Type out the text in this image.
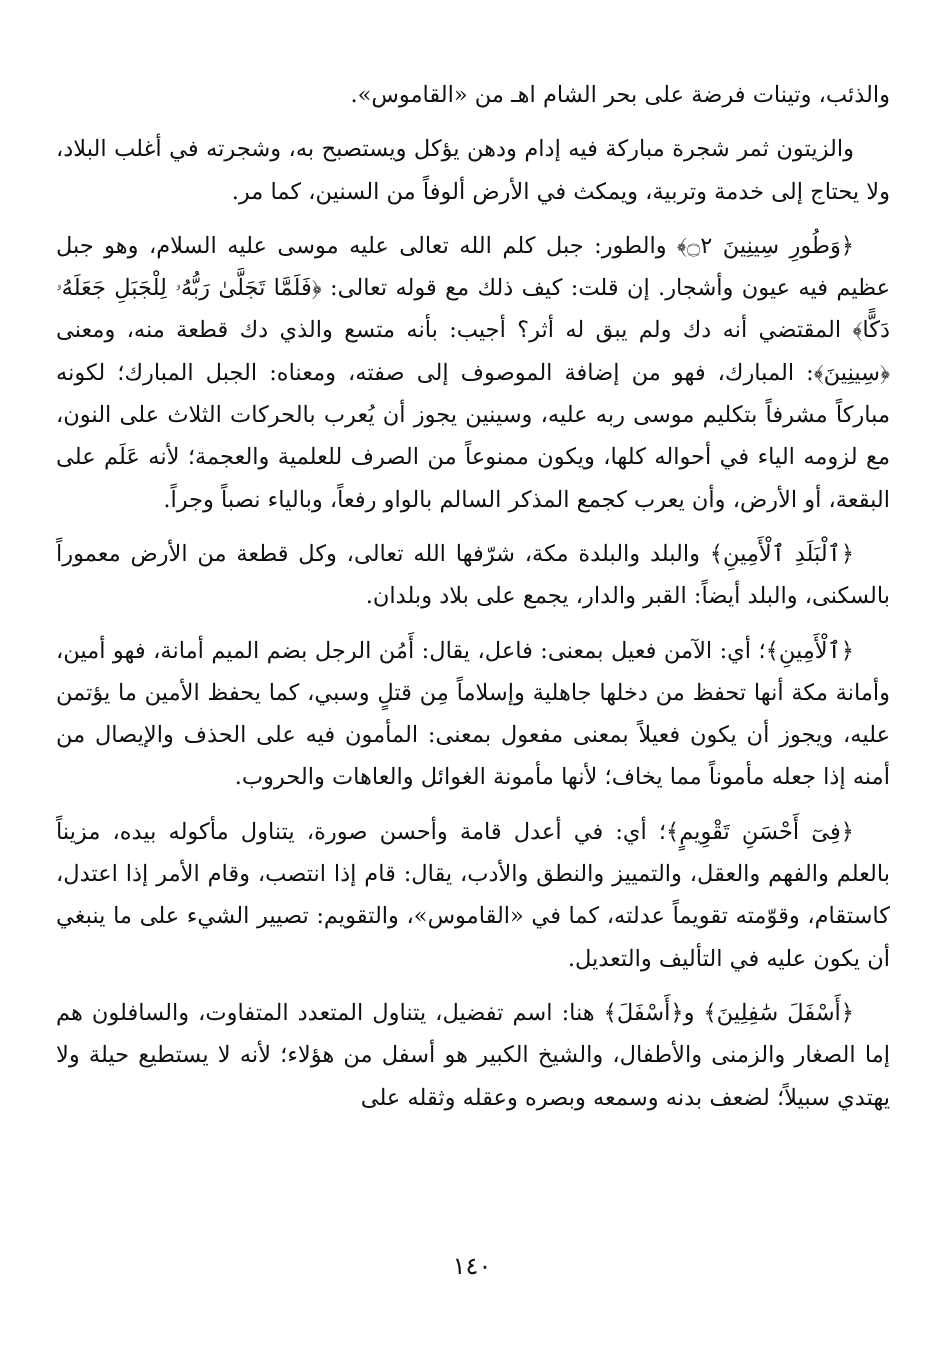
والذئب، وتينات فرضة على بحر الشام اهـ من «القاموس».

والزيتون ثمر شجرة مباركة فيه إدام ودهن يؤكل ويستصبح به، وشجرته في أغلب البلاد، ولا يحتاج إلى خدمة وتربية، ويمكث في الأرض ألوفاً من السنين، كما مر.

﴿وَطُورِ سِينِينَ ۝٢﴾ والطور: جبل كلم الله تعالى عليه موسى عليه السلام، وهو جبل عظيم فيه عيون وأشجار. إن قلت: كيف ذلك مع قوله تعالى: ﴿فَلَمَّا تَجَلَّىٰ رَبُّهُۥ لِلْجَبَلِ جَعَلَهُۥ دَكًّا﴾ المقتضي أنه دك ولم يبق له أثر؟ أجيب: بأنه متسع والذي دك قطعة منه، ومعنى ﴿سِينِينَ﴾: المبارك، فهو من إضافة الموصوف إلى صفته، ومعناه: الجبل المبارك؛ لكونه مباركاً مشرفاً بتكليم موسى ربه عليه، وسينين يجوز أن يُعرب بالحركات الثلاث على النون، مع لزومه الياء في أحواله كلها، ويكون ممنوعاً من الصرف للعلمية والعجمة؛ لأنه عَلَم على البقعة، أو الأرض، وأن يعرب كجمع المذكر السالم بالواو رفعاً، وبالياء نصباً وجراً.

﴿ٱلْبَلَدِ ٱلْأَمِينِ﴾ والبلد والبلدة مكة، شرّفها الله تعالى، وكل قطعة من الأرض معموراً بالسكنى، والبلد أيضاً: القبر والدار، يجمع على بلاد وبلدان.

﴿ٱلْأَمِينِ﴾؛ أي: الآمن فعيل بمعنى: فاعل، يقال: أَمُن الرجل بضم الميم أمانة، فهو أمين، وأمانة مكة أنها تحفظ من دخلها جاهلية وإسلاماً مِن قتلٍ وسبي، كما يحفظ الأمين ما يؤتمن عليه، ويجوز أن يكون فعيلاً بمعنى مفعول بمعنى: المأمون فيه على الحذف والإيصال من أمنه إذا جعله مأموناً مما يخاف؛ لأنها مأمونة الغوائل والعاهات والحروب.

﴿فِىٓ أَحْسَنِ تَقْوِيمٍ﴾؛ أي: في أعدل قامة وأحسن صورة، يتناول مأكوله بيده، مزيناً بالعلم والفهم والعقل، والتمييز والنطق والأدب، يقال: قام إذا انتصب، وقام الأمر إذا اعتدل، كاستقام، وقوّمته تقويماً عدلته، كما في «القاموس»، والتقويم: تصيير الشيء على ما ينبغي أن يكون عليه في التأليف والتعديل.

﴿أَسْفَلَ سَٰفِلِينَ﴾ و﴿أَسْفَلَ﴾ هنا: اسم تفضيل، يتناول المتعدد المتفاوت، والسافلون هم إما الصغار والزمنى والأطفال، والشيخ الكبير هو أسفل من هؤلاء؛ لأنه لا يستطيع حيلة ولا يهتدي سبيلاً؛ لضعف بدنه وسمعه وبصره وعقله وثقله على

١٤٠
